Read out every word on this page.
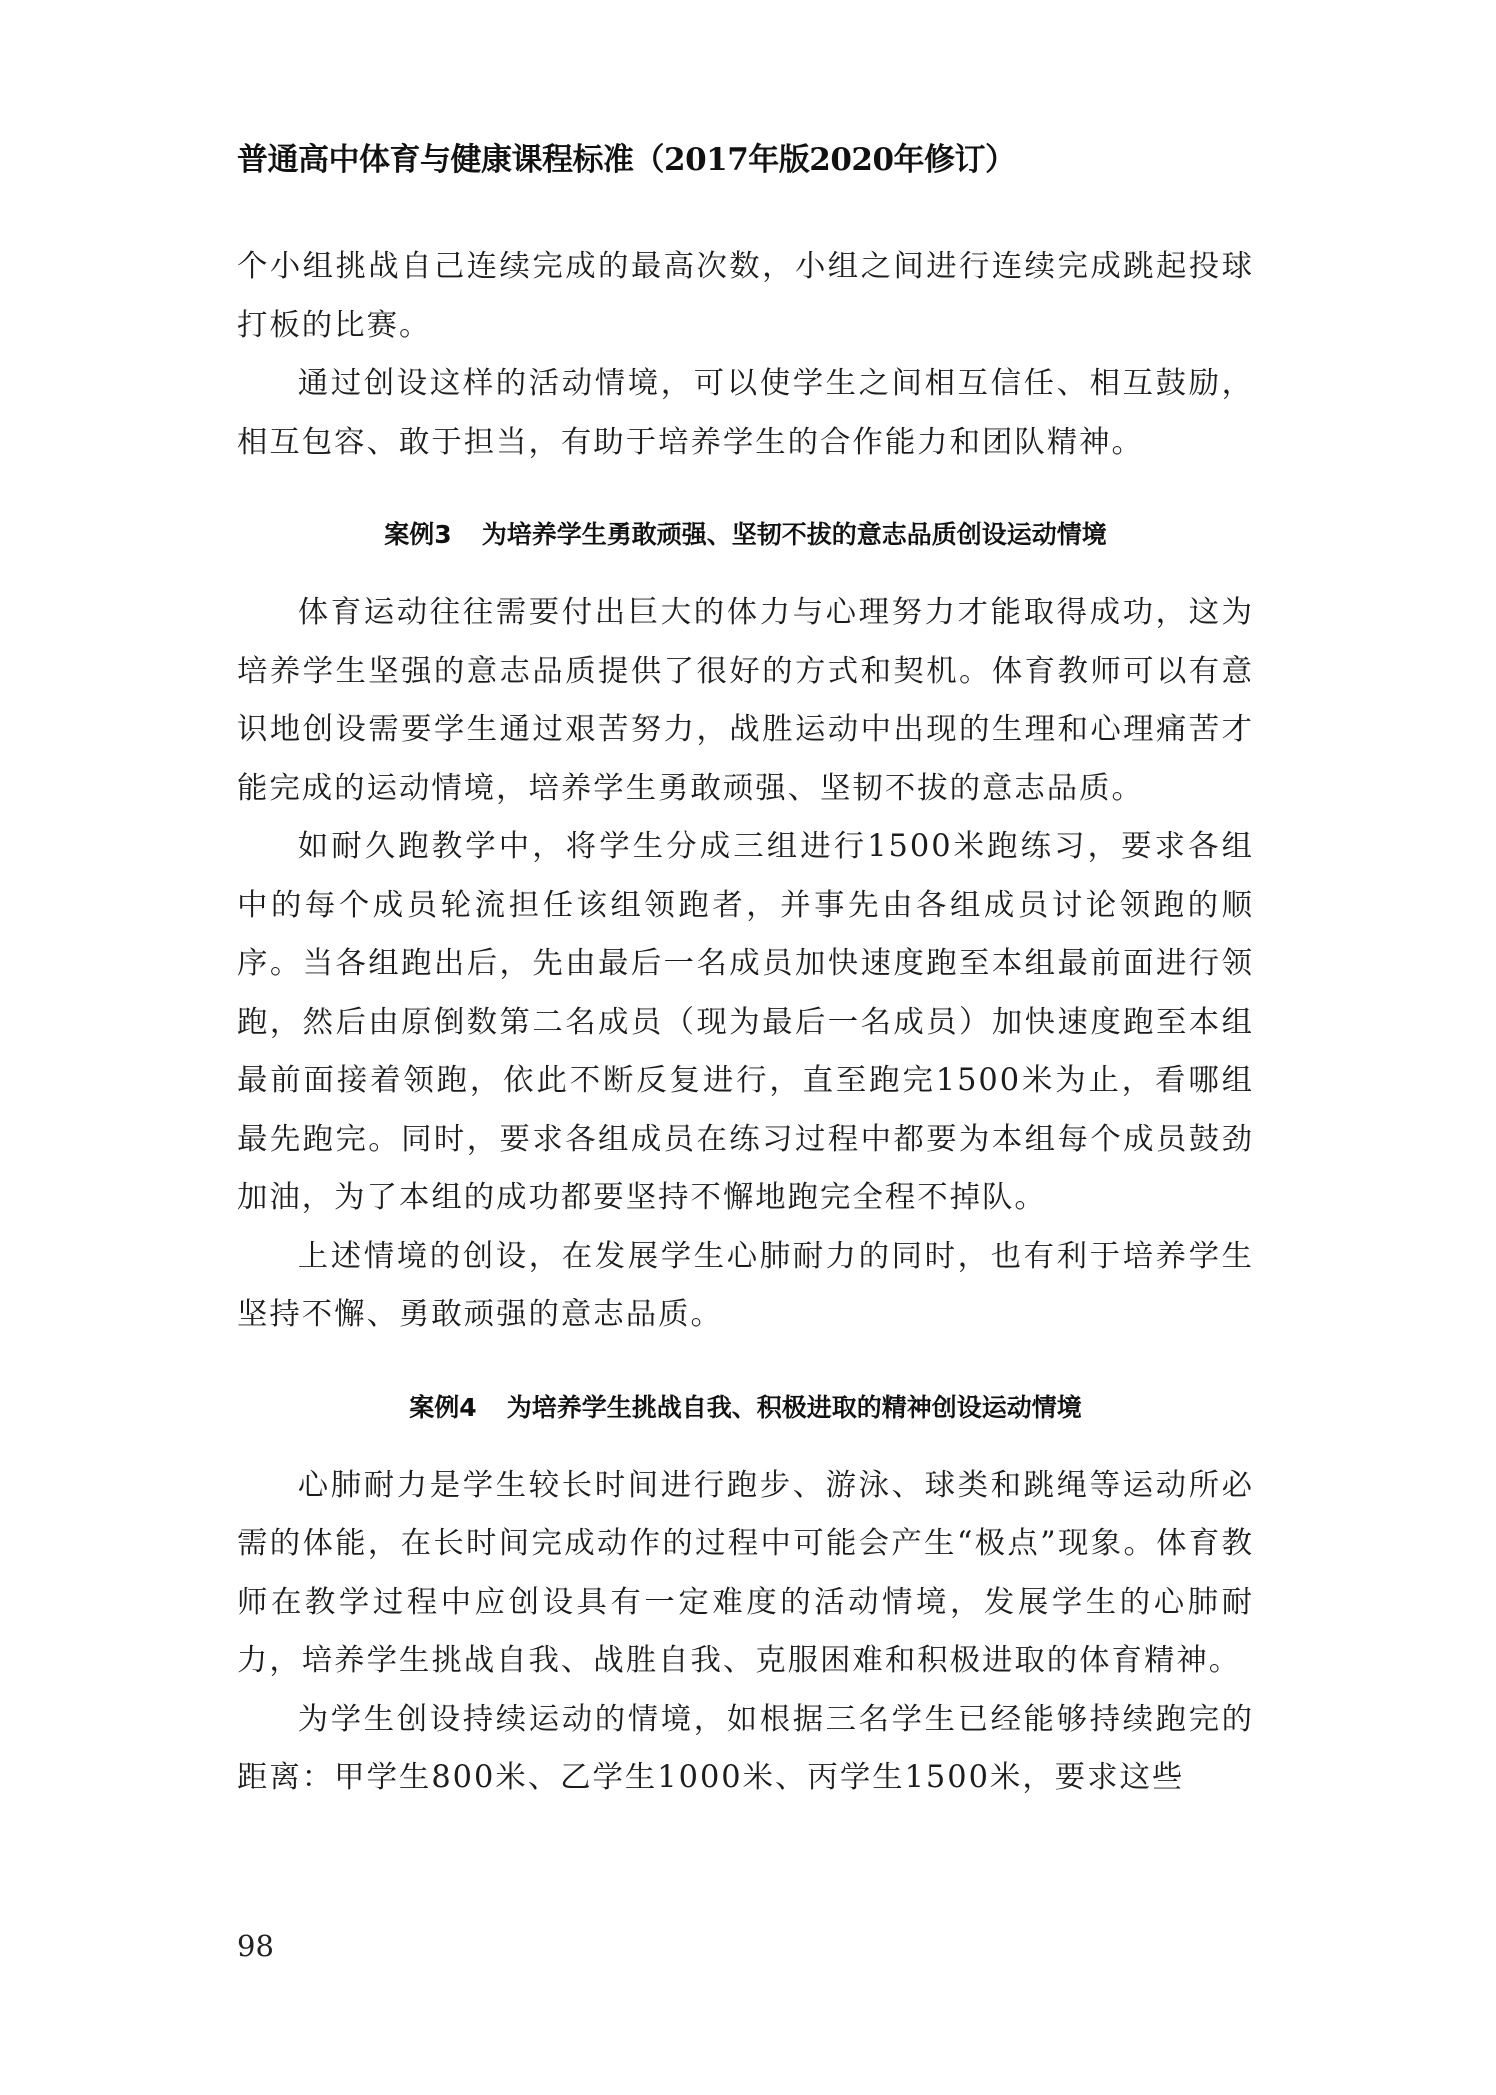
普通高中体育与健康课程标准（2017年版2020年修订）

个小组挑战自己连续完成的最高次数，小组之间进行连续完成跳起投球打板的比赛。

通过创设这样的活动情境，可以使学生之间相互信任、相互鼓励，相互包容、敢于担当，有助于培养学生的合作能力和团队精神。

案例3 为培养学生勇敢顽强、坚韧不拔的意志品质创设运动情境

体育运动往往需要付出巨大的体力与心理努力才能取得成功，这为培养学生坚强的意志品质提供了很好的方式和契机。体育教师可以有意识地创设需要学生通过艰苦努力，战胜运动中出现的生理和心理痛苦才能完成的运动情境，培养学生勇敢顽强、坚韧不拔的意志品质。

如耐久跑教学中，将学生分成三组进行1500米跑练习，要求各组中的每个成员轮流担任该组领跑者，并事先由各组成员讨论领跑的顺序。当各组跑出后，先由最后一名成员加快速度跑至本组最前面进行领跑，然后由原倒数第二名成员（现为最后一名成员）加快速度跑至本组最前面接着领跑，依此不断反复进行，直至跑完1500米为止，看哪组最先跑完。同时，要求各组成员在练习过程中都要为本组每个成员鼓劲加油，为了本组的成功都要坚持不懈地跑完全程不掉队。

上述情境的创设，在发展学生心肺耐力的同时，也有利于培养学生坚持不懈、勇敢顽强的意志品质。

案例4 为培养学生挑战自我、积极进取的精神创设运动情境

心肺耐力是学生较长时间进行跑步、游泳、球类和跳绳等运动所必需的体能，在长时间完成动作的过程中可能会产生“极点”现象。体育教师在教学过程中应创设具有一定难度的活动情境，发展学生的心肺耐力，培养学生挑战自我、战胜自我、克服困难和积极进取的体育精神。

为学生创设持续运动的情境，如根据三名学生已经能够持续跑完的距离：甲学生800米、乙学生1000米、丙学生1500米，要求这些

98
